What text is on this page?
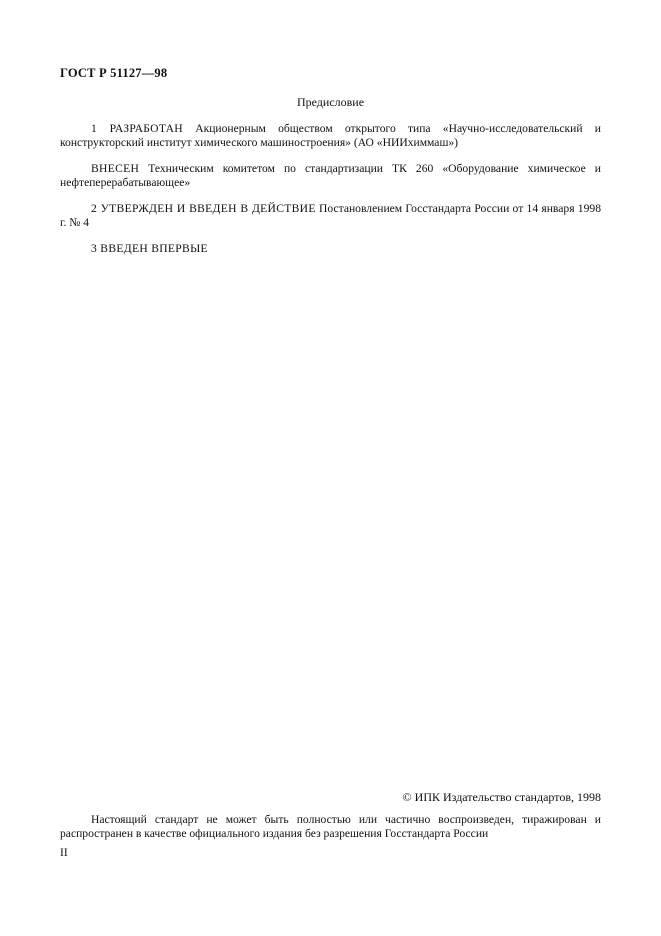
ГОСТ Р 51127—98
Предисловие

1 РАЗРАБОТАН Акционерным обществом открытого типа «Научно-исследовательский и конструкторский институт химического машиностроения» (АО «НИИхиммаш»)

ВНЕСЕН Техническим комитетом по стандартизации ТК 260 «Оборудование химическое и нефтеперерабатывающее»

2 УТВЕРЖДЕН И ВВЕДЕН В ДЕЙСТВИЕ Постановлением Госстандарта России от 14 января 1998 г. № 4

3 ВВЕДЕН ВПЕРВЫЕ

© ИПК Издательство стандартов, 1998

Настоящий стандарт не может быть полностью или частично воспроизведен, тиражирован и распространен в качестве официального издания без разрешения Госстандарта России

II
